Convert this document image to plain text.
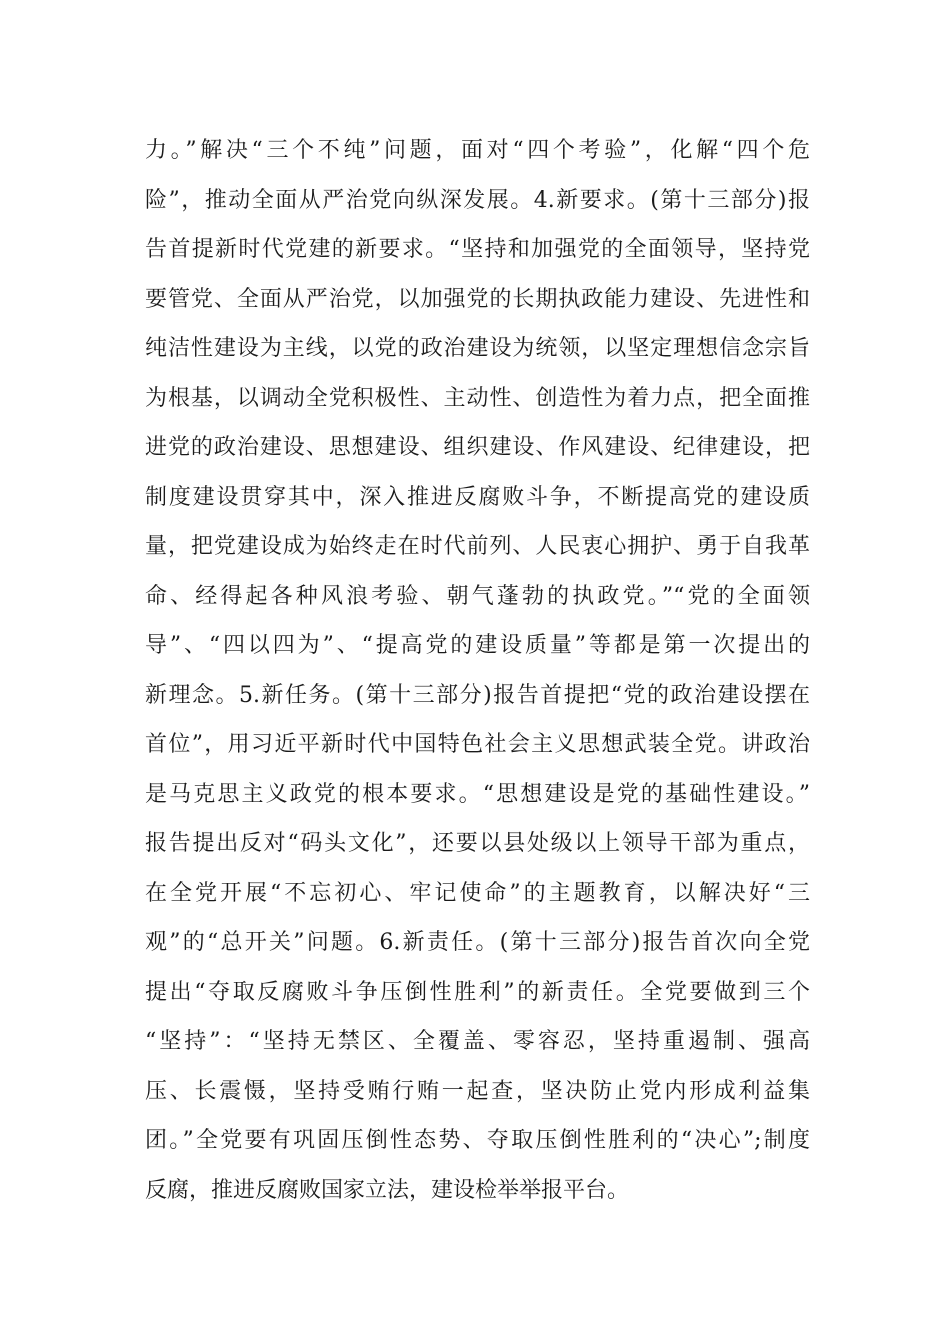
力。”解决“三个不纯”问题，面对“四个考验”，化解“四个危
险”，推动全面从严治党向纵深发展。4.新要求。(第十三部分)报
告首提新时代党建的新要求。“坚持和加强党的全面领导，坚持党
要管党、全面从严治党，以加强党的长期执政能力建设、先进性和
纯洁性建设为主线，以党的政治建设为统领，以坚定理想信念宗旨
为根基，以调动全党积极性、主动性、创造性为着力点，把全面推
进党的政治建设、思想建设、组织建设、作风建设、纪律建设，把
制度建设贯穿其中，深入推进反腐败斗争，不断提高党的建设质
量，把党建设成为始终走在时代前列、人民衷心拥护、勇于自我革
命、经得起各种风浪考验、朝气蓬勃的执政党。”“党的全面领
导”、“四以四为”、“提高党的建设质量”等都是第一次提出的
新理念。5.新任务。(第十三部分)报告首提把“党的政治建设摆在
首位”，用习近平新时代中国特色社会主义思想武装全党。讲政治
是马克思主义政党的根本要求。“思想建设是党的基础性建设。”
报告提出反对“码头文化”，还要以县处级以上领导干部为重点，
在全党开展“不忘初心、牢记使命”的主题教育，以解决好“三
观”的“总开关”问题。6.新责任。(第十三部分)报告首次向全党
提出“夺取反腐败斗争压倒性胜利”的新责任。全党要做到三个
“坚持”：“坚持无禁区、全覆盖、零容忍，坚持重遏制、强高
压、长震慑，坚持受贿行贿一起查，坚决防止党内形成利益集
团。”全党要有巩固压倒性态势、夺取压倒性胜利的“决心”;制度
反腐，推进反腐败国家立法，建设检举举报平台。
